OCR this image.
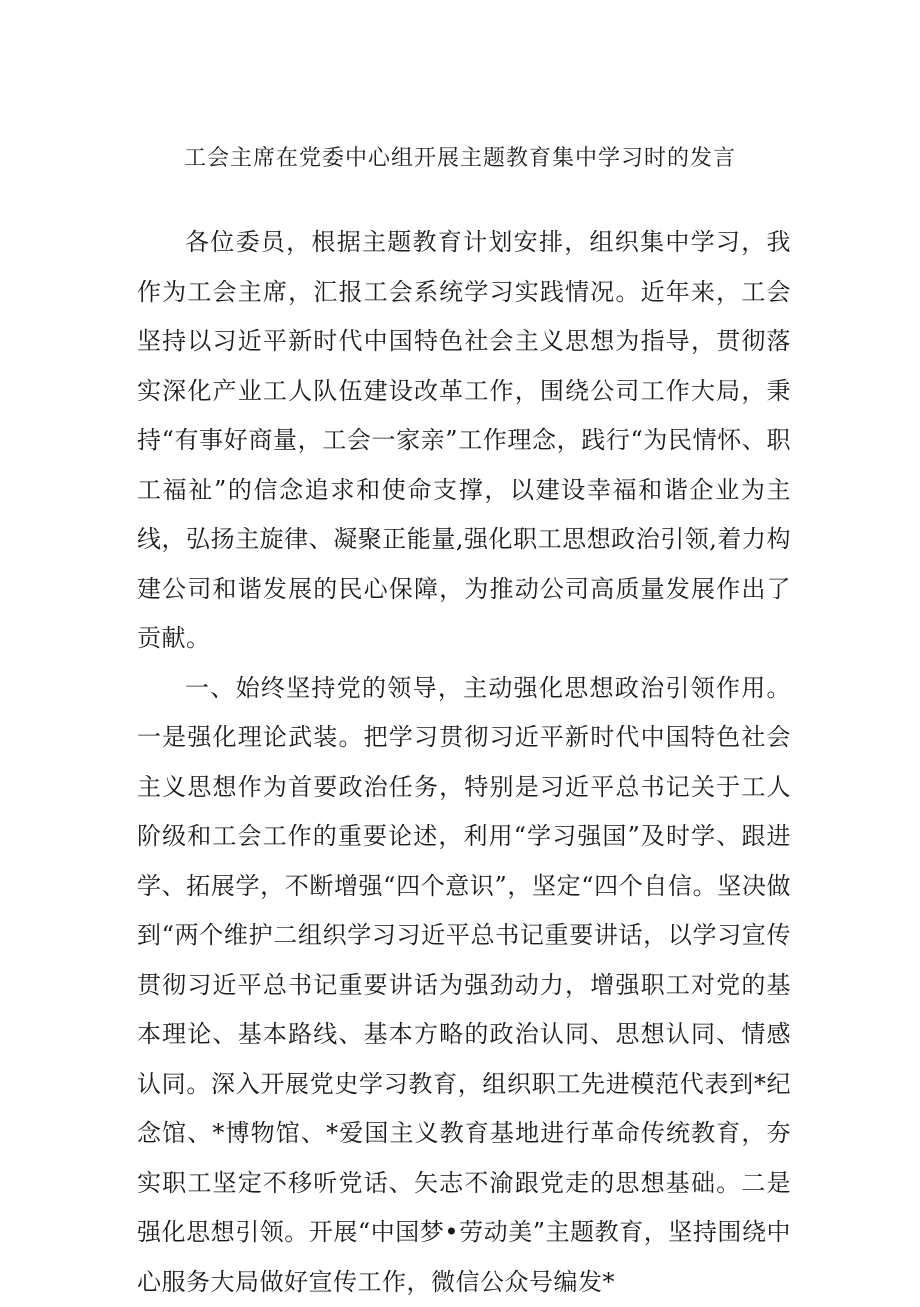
工会主席在党委中心组开展主题教育集中学习时的发言

各位委员，根据主题教育计划安排，组织集中学习，我作为工会主席，汇报工会系统学习实践情况。近年来，工会坚持以习近平新时代中国特色社会主义思想为指导，贯彻落实深化产业工人队伍建设改革工作，围绕公司工作大局，秉持“有事好商量，工会一家亲”工作理念，践行“为民情怀、职工福祉”的信念追求和使命支撑，以建设幸福和谐企业为主线，弘扬主旋律、凝聚正能量,强化职工思想政治引领,着力构建公司和谐发展的民心保障，为推动公司高质量发展作出了贡献。

一、始终坚持党的领导，主动强化思想政治引领作用。一是强化理论武装。把学习贯彻习近平新时代中国特色社会主义思想作为首要政治任务，特别是习近平总书记关于工人阶级和工会工作的重要论述，利用“学习强国”及时学、跟进学、拓展学，不断增强“四个意识”，坚定“四个自信。坚决做到“两个维护二组织学习习近平总书记重要讲话，以学习宣传贯彻习近平总书记重要讲话为强劲动力，增强职工对党的基本理论、基本路线、基本方略的政治认同、思想认同、情感认同。深入开展党史学习教育，组织职工先进模范代表到*纪念馆、*博物馆、*爱国主义教育基地进行革命传统教育，夯实职工坚定不移听党话、矢志不渝跟党走的思想基础。二是强化思想引领。开展“中国梦•劳动美”主题教育，坚持围绕中心服务大局做好宣传工作，微信公众号编发*
